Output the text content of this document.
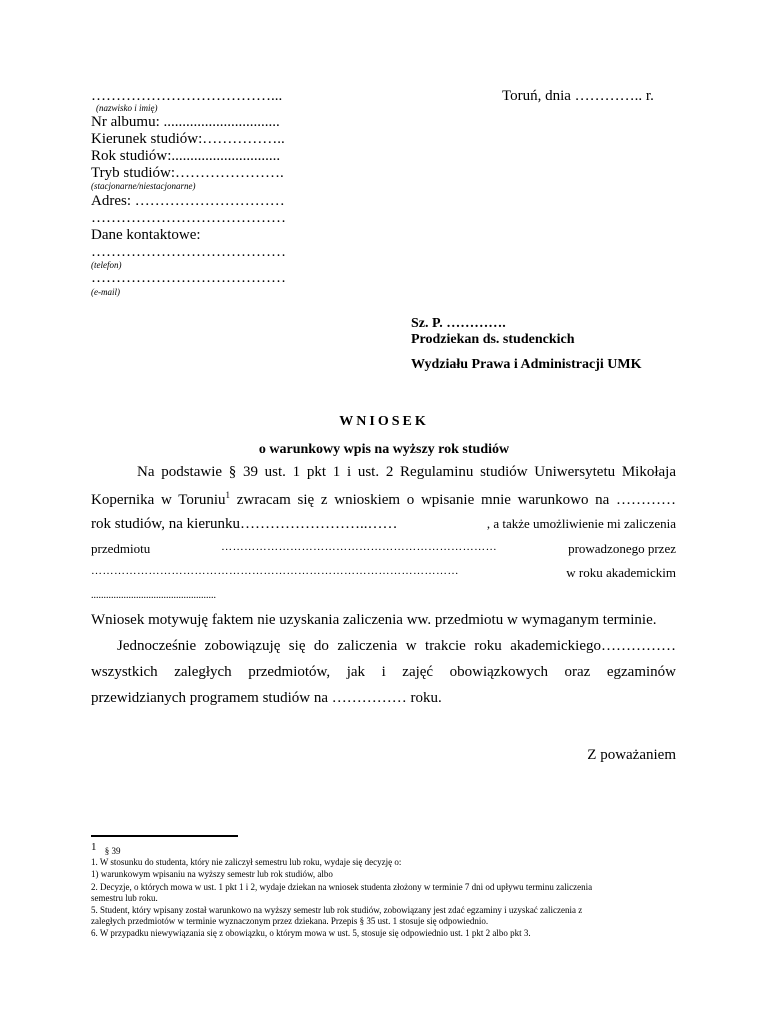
………………………………...
(nazwisko i imię)
Nr albumu: ...............................
Kierunek studiów:……………..
Rok studiów:.............................
Tryb studiów:………………….
(stacjonarne/niestacjonarne)
Adres: …………………………
…………………………………
Dane kontaktowe:
…………………………………
(telefon)
…………………………………
(e-mail)
Toruń, dnia ………….. r.
Sz. P. ………….
Prodziekan ds. studenckich
Wydziału Prawa i Administracji UMK
WNIOSEK
o warunkowy wpis na wyższy rok studiów
Na podstawie § 39 ust. 1 pkt 1 i ust. 2 Regulaminu studiów Uniwersytetu Mikołaja
Kopernika w Toruniu$^1$ zwracam się z wnioskiem o wpisanie mnie warunkowo na …………
rok studiów, na kierunku……………………..……	, a także umożliwienie mi zaliczenia
przedmiotu	………………………………………………………………	prowadzonego przez
……………………………………………………………………………………	w roku akademickim
..................................................
Wniosek motywuję faktem nie uzyskania zaliczenia ww. przedmiotu w wymaganym terminie.
Jednocześnie zobowiązuję się do zaliczenia w trakcie roku akademickiego……………
wszystkich zaległych przedmiotów, jak i zajęć obowiązkowych oraz egzaminów
przewidzianych programem studiów na …………… roku.
Z poważaniem
$^1$ § 39
1. W stosunku do studenta, który nie zaliczył semestru lub roku, wydaje się decyzję o:
1) warunkowym wpisaniu na wyższy semestr lub rok studiów, albo
2. Decyzje, o których mowa w ust. 1 pkt 1 i 2, wydaje dziekan na wniosek studenta złożony w terminie 7 dni od upływu terminu zaliczenia
semestru lub roku.
5. Student, który wpisany został warunkowo na wyższy semestr lub rok studiów, zobowiązany jest zdać egzaminy i uzyskać zaliczenia z
zaległych przedmiotów w terminie wyznaczonym przez dziekana. Przepis § 35 ust. 1 stosuje się odpowiednio.
6. W przypadku niewywiązania się z obowiązku, o którym mowa w ust. 5, stosuje się odpowiednio ust. 1 pkt 2 albo pkt 3.
